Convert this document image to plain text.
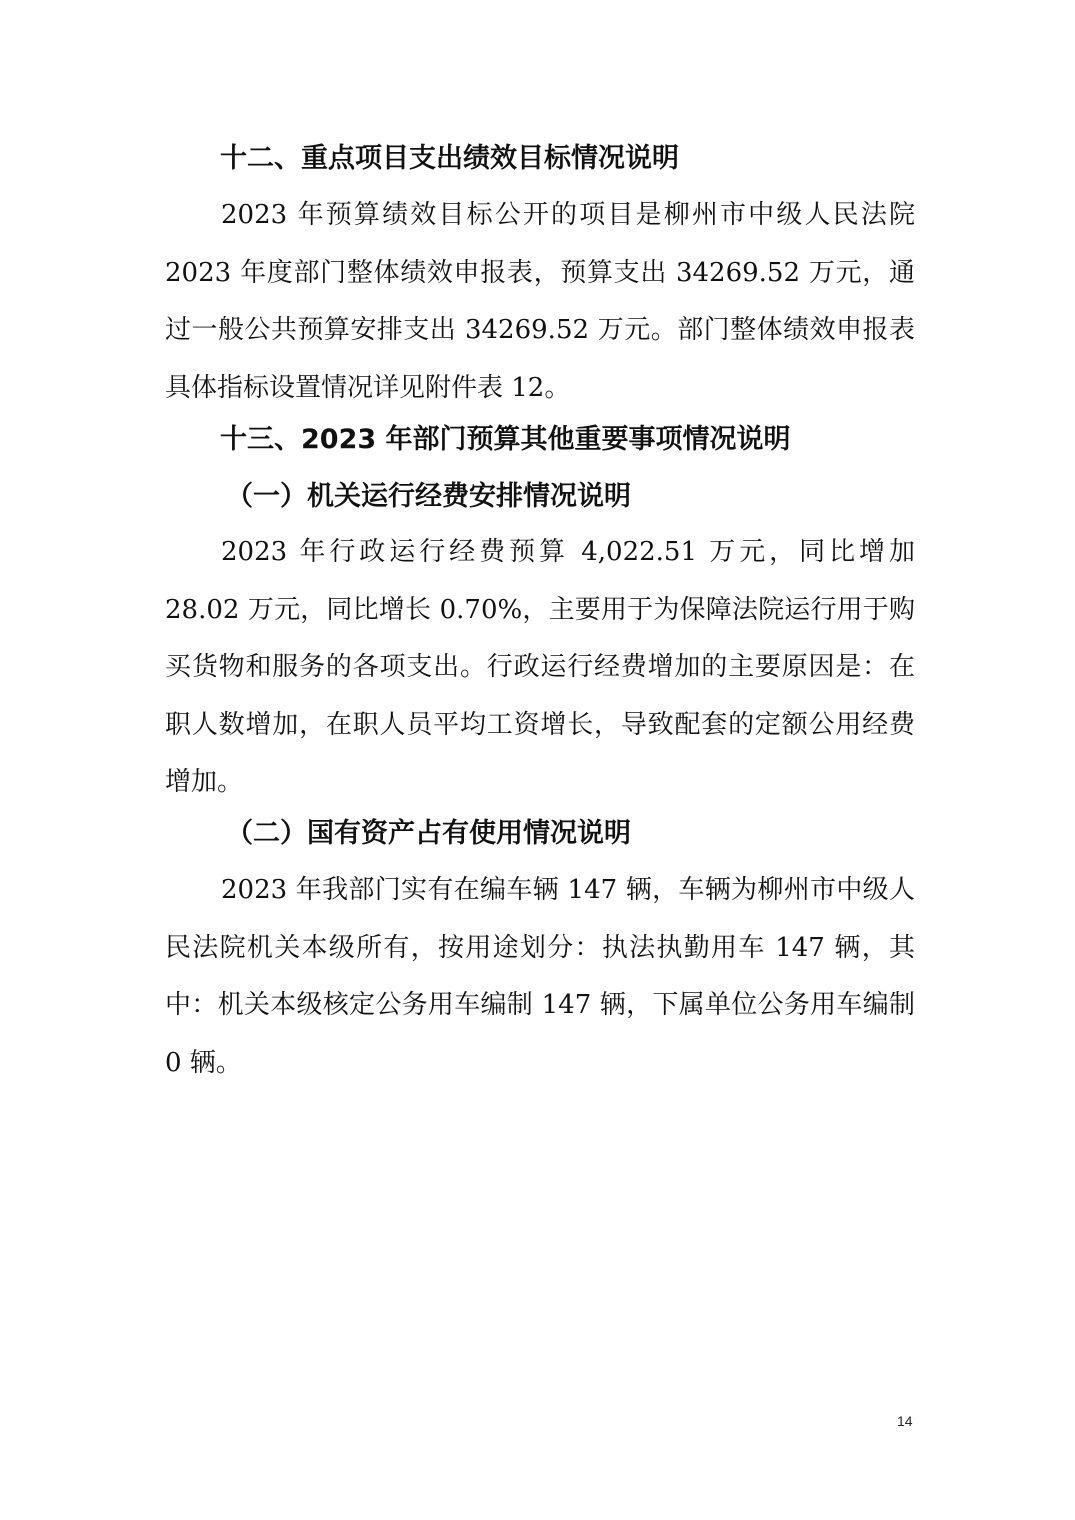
十二、重点项目支出绩效目标情况说明

2023 年预算绩效目标公开的项目是柳州市中级人民法院 2023 年度部门整体绩效申报表，预算支出 34269.52 万元，通过一般公共预算安排支出 34269.52 万元。部门整体绩效申报表具体指标设置情况详见附件表 12。

十三、2023 年部门预算其他重要事项情况说明
（一）机关运行经费安排情况说明

2023 年行政运行经费预算 4,022.51 万元，同比增加 28.02 万元，同比增长 0.70%，主要用于为保障法院运行用于购买货物和服务的各项支出。行政运行经费增加的主要原因是：在职人数增加，在职人员平均工资增长，导致配套的定额公用经费增加。

（二）国有资产占有使用情况说明

2023 年我部门实有在编车辆 147 辆，车辆为柳州市中级人民法院机关本级所有，按用途划分：执法执勤用车 147 辆，其中：机关本级核定公务用车编制 147 辆，下属单位公务用车编制 0 辆。

14
